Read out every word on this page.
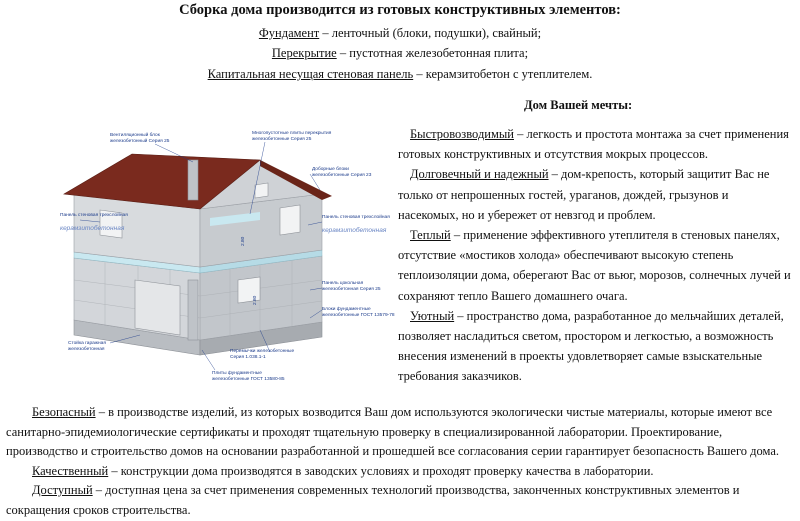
Сборка дома производится из готовых конструктивных элементов:
Фундамент – ленточный (блоки, подушки), свайный;
Перекрытие – пустотная железобетонная плита;
Капитальная несущая стеновая панель – керамзитобетон с утеплителем.
Дом Вашей мечты:

Быстровозводимый – легкость и простота монтажа за счет применения готовых конструктивных и отсутствия мокрых процессов.

Долговечный и надежный – дом-крепость, который защитит Вас не только от непрошенных гостей, ураганов, дождей, грызунов и насекомых, но и убережет от невзгод и проблем.

Теплый – применение эффективного утеплителя в стеновых панелях, отсутствие «мостиков холода» обеспечивают высокую степень теплоизоляции дома, оберегают Вас от вьюг, морозов, солнечных лучей и сохраняют тепло Вашего домашнего очага.

Уютный – пространство дома, разработанное до мельчайших деталей, позволяет насладиться светом, простором и легкостью, а возможность внесения изменений в проекты удовлетворяет самые взыскательные требования заказчиков.

Безопасный – в производстве изделий, из которых возводится Ваш дом используются экологически чистые материалы, которые имеют все санитарно-эпидемиологические сертификаты и проходят тщательную проверку в специализированной лаборатории. Проектирование, производство и строительство домов на основании разработанной и прошедшей все согласования серии гарантирует безопасность Вашего дома.

Качественный – конструкции дома производятся в заводских условиях и проходят проверку качества в лаборатории.

Доступный – доступная цена за счет применения современных технологий производства, законченных конструктивных элементов и сокращения сроков строительства.

Вентиляционный блок
железобетонный Серия 25
Многопустотные плиты перекрытия
железобетонные Серия 25
Доборные блоки
железобетонные Серия 23
Панель стеновая трехслойная
керамзитобетонная
Панель стеновая трехслойная
керамзитобетонная
Панель цокольная
железобетонная Серия 25
Блоки фундаментные
железобетонные ГОСТ 13579-78
Перемычки железобетонные
Серия 1.038.1-1
Стойка гаражная
железобетонная
Плиты фундаментные
железобетонные ГОСТ 13580-85
2.80
2.80
